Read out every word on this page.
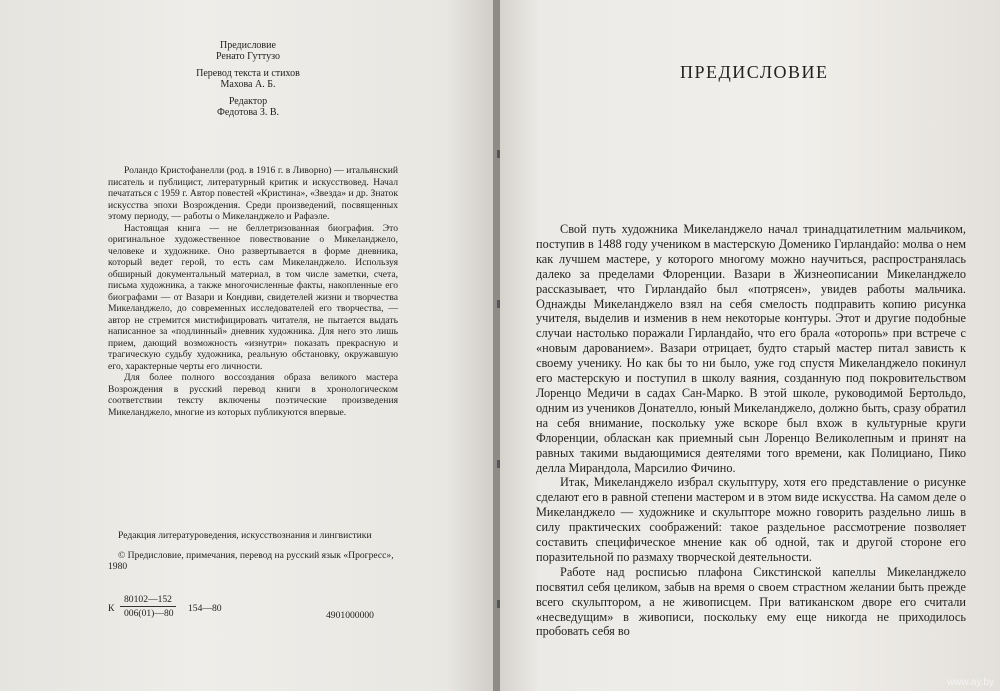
Предисловие
Ренато Гуттузо
Перевод текста и стихов
Махова А. Б.
Редактор
Федотова З. В.

Роландо Кристофанелли (род. в 1916 г. в Ливорно) — итальянский писатель и публицист, литературный критик и искусствовед. Начал печататься с 1959 г. Автор повестей «Кристина», «Звезда» и др. Знаток искусства эпохи Возрождения. Среди произведений, посвященных этому периоду, — работы о Микеланджело и Рафаэле.

Настоящая книга — не беллетризованная биография. Это оригинальное художественное повествование о Микеланджело, человеке и художнике. Оно развертывается в форме дневника, который ведет герой, то есть сам Микеланджело. Используя обширный документальный материал, в том числе заметки, счета, письма художника, а также многочисленные факты, накопленные его биографами — от Вазари и Кондиви, свидетелей жизни и творчества Микеланджело, до современных исследователей его творчества, — автор не стремится мистифицировать читателя, не пытается выдать написанное за «подлинный» дневник художника. Для него это лишь прием, дающий возможность «изнутри» показать прекрасную и трагическую судьбу художника, реальную обстановку, окружавшую его, характерные черты его личности.

Для более полного воссоздания образа великого мастера Возрождения в русский перевод книги в хронологическом соответствии тексту включены поэтические произведения Микеланджело, многие из которых публикуются впервые.

Редакция литературоведения, искусствознания и лингвистики

© Предисловие, примечания, перевод на русский язык «Прогресс», 1980

К
80102—152
006(01)—80	154—80
4901000000
ПРЕДИСЛОВИЕ

Свой путь художника Микеланджело начал тринадцатилетним мальчиком, поступив в 1488 году учеником в мастерскую Доменико Гирландайо: молва о нем как лучшем мастере, у которого многому можно научиться, распространялась далеко за пределами Флоренции. Вазари в Жизнеописании Микеланджело рассказывает, что Гирландайо был «потрясен», увидев работы мальчика. Однажды Микеланджело взял на себя смелость подправить копию рисунка учителя, выделив и изменив в нем некоторые контуры. Этот и другие подобные случаи настолько поражали Гирландайо, что его брала «оторопь» при встрече с «новым дарованием». Вазари отрицает, будто старый мастер питал зависть к своему ученику. Но как бы то ни было, уже год спустя Микеланджело покинул его мастерскую и поступил в школу ваяния, созданную под покровительством Лоренцо Медичи в садах Сан-Марко. В этой школе, руководимой Бертольдо, одним из учеников Донателло, юный Микеланджело, должно быть, сразу обратил на себя внимание, поскольку уже вскоре был вхож в культурные круги Флоренции, обласкан как приемный сын Лоренцо Великолепным и принят на равных такими выдающимися деятелями того времени, как Полициано, Пико делла Мирандола, Марсилио Фичино.

Итак, Микеланджело избрал скульптуру, хотя его представление о рисунке сделают его в равной степени мастером и в этом виде искусства. На самом деле о Микеланджело — художнике и скульпторе можно говорить раздельно лишь в силу практических соображений: такое раздельное рассмотрение позволяет составить специфическое мнение как об одной, так и другой стороне его поразительной по размаху творческой деятельности.

Работе над росписью плафона Сикстинской капеллы Микеланджело посвятил себя целиком, забыв на время о своем страстном желании быть прежде всего скульптором, а не живописцем. При ватиканском дворе его считали «несведущим» в живописи, поскольку ему еще никогда не приходилось пробовать себя во

www.ay.by
